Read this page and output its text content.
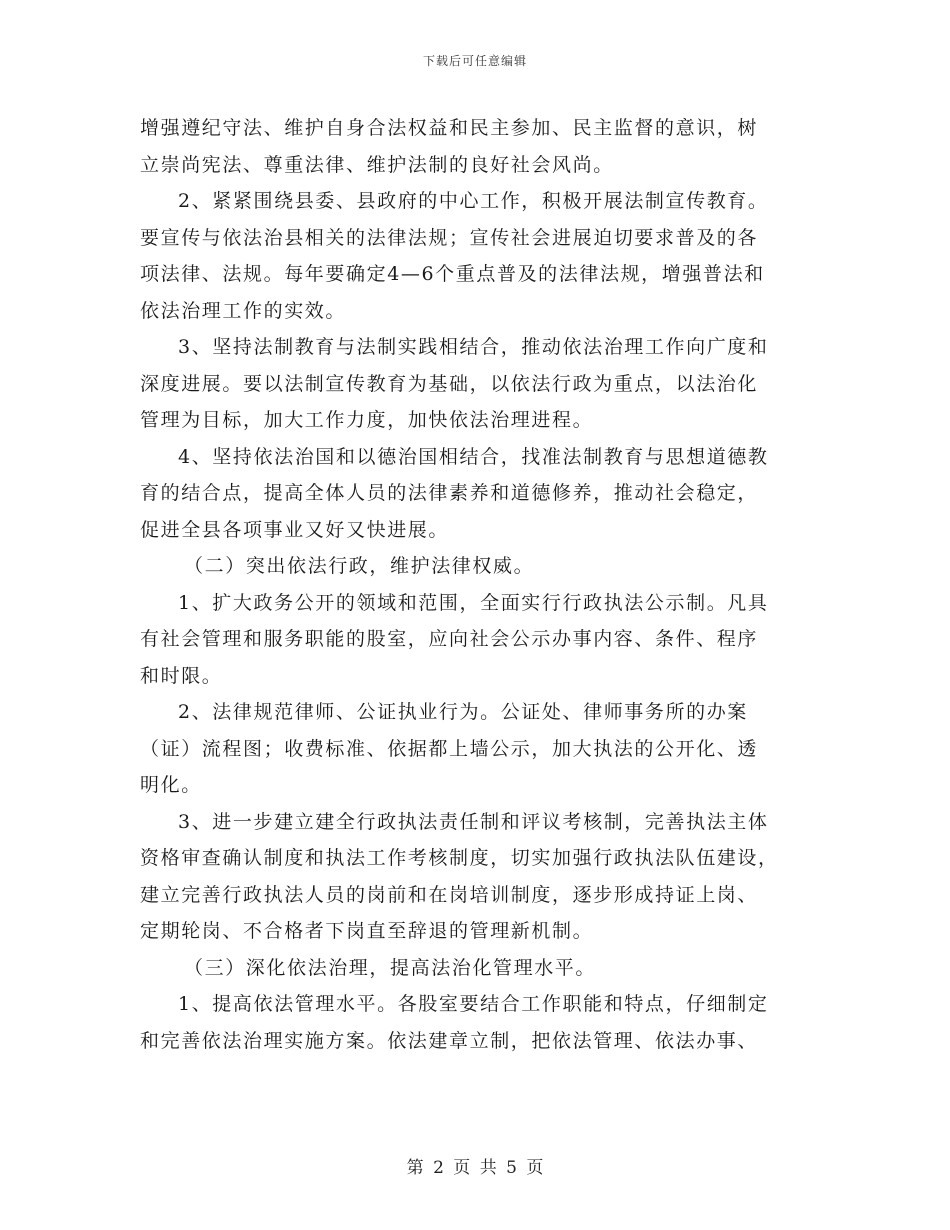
下载后可任意编辑
增强遵纪守法、维护自身合法权益和民主参加、民主监督的意识，树
立崇尚宪法、尊重法律、维护法制的良好社会风尚。
2、紧紧围绕县委、县政府的中心工作，积极开展法制宣传教育。
要宣传与依法治县相关的法律法规；宣传社会进展迫切要求普及的各
项法律、法规。每年要确定4—6个重点普及的法律法规，增强普法和
依法治理工作的实效。
3、坚持法制教育与法制实践相结合，推动依法治理工作向广度和
深度进展。要以法制宣传教育为基础，以依法行政为重点，以法治化
管理为目标，加大工作力度，加快依法治理进程。
4、坚持依法治国和以德治国相结合，找准法制教育与思想道德教
育的结合点，提高全体人员的法律素养和道德修养，推动社会稳定，
促进全县各项事业又好又快进展。
（二）突出依法行政，维护法律权威。
1、扩大政务公开的领域和范围，全面实行行政执法公示制。凡具
有社会管理和服务职能的股室，应向社会公示办事内容、条件、程序
和时限。
2、法律规范律师、公证执业行为。公证处、律师事务所的办案
（证）流程图；收费标准、依据都上墙公示，加大执法的公开化、透
明化。
3、进一步建立建全行政执法责任制和评议考核制，完善执法主体
资格审查确认制度和执法工作考核制度，切实加强行政执法队伍建设，
建立完善行政执法人员的岗前和在岗培训制度，逐步形成持证上岗、
定期轮岗、不合格者下岗直至辞退的管理新机制。
（三）深化依法治理，提高法治化管理水平。
1、提高依法管理水平。各股室要结合工作职能和特点，仔细制定
和完善依法治理实施方案。依法建章立制，把依法管理、依法办事、
第 2 页 共 5 页
